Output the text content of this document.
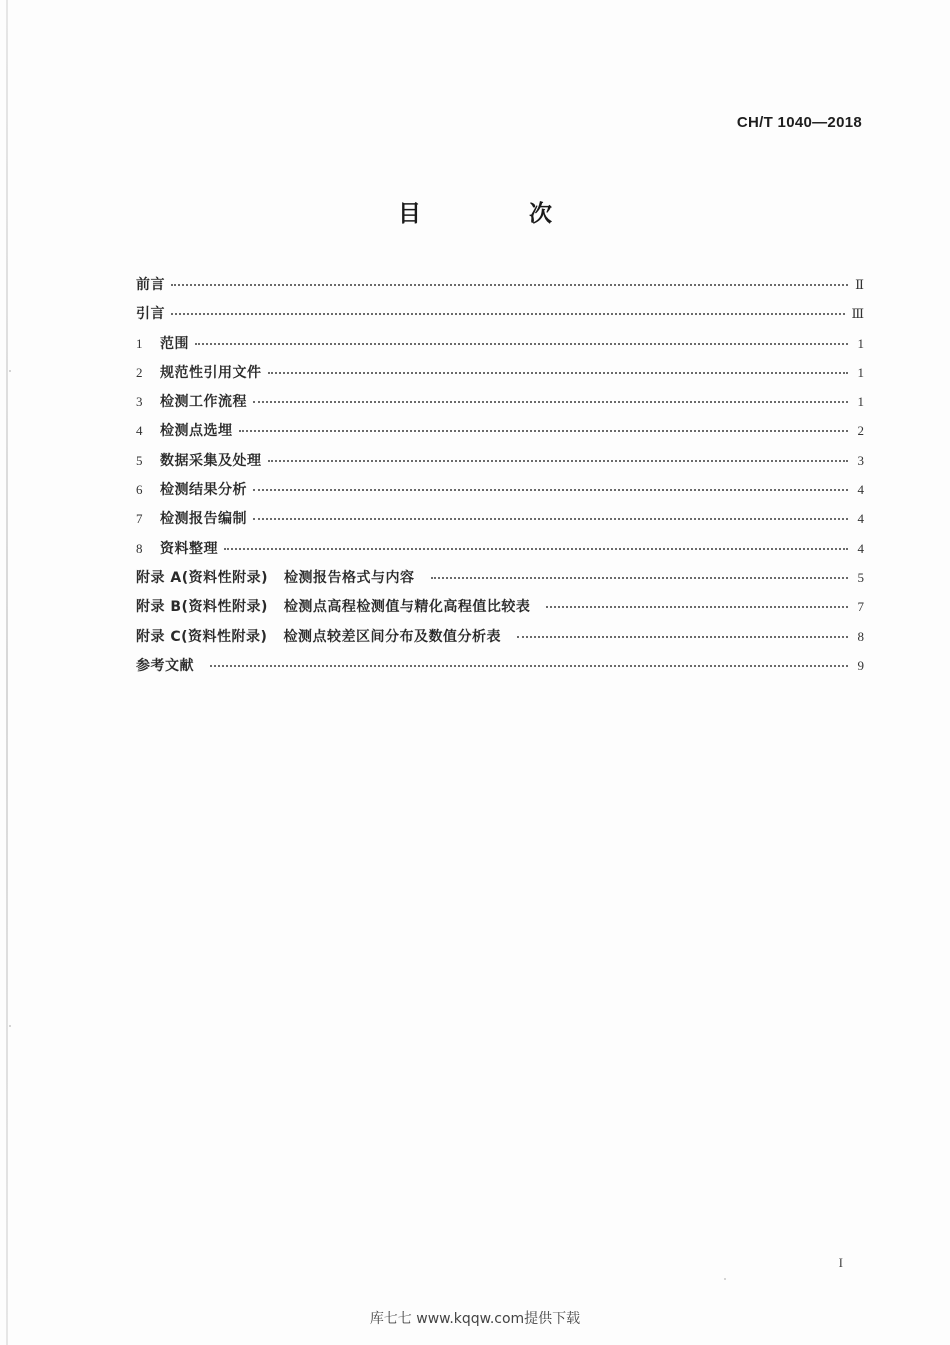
CH/T 1040—2018
目 次
前言	Ⅱ
引言	Ⅲ
1	范围	1
2	规范性引用文件	1
3	检测工作流程	1
4	检测点选埋	2
5	数据采集及处理	3
6	检测结果分析	4
7	检测报告编制	4
8	资料整理	4
附录 A(资料性附录) 检测报告格式与内容	5
附录 B(资料性附录) 检测点高程检测值与精化高程值比较表	7
附录 C(资料性附录) 检测点较差区间分布及数值分析表	8
参考文献	9
I
库七七 www.kqqw.com提供下载
